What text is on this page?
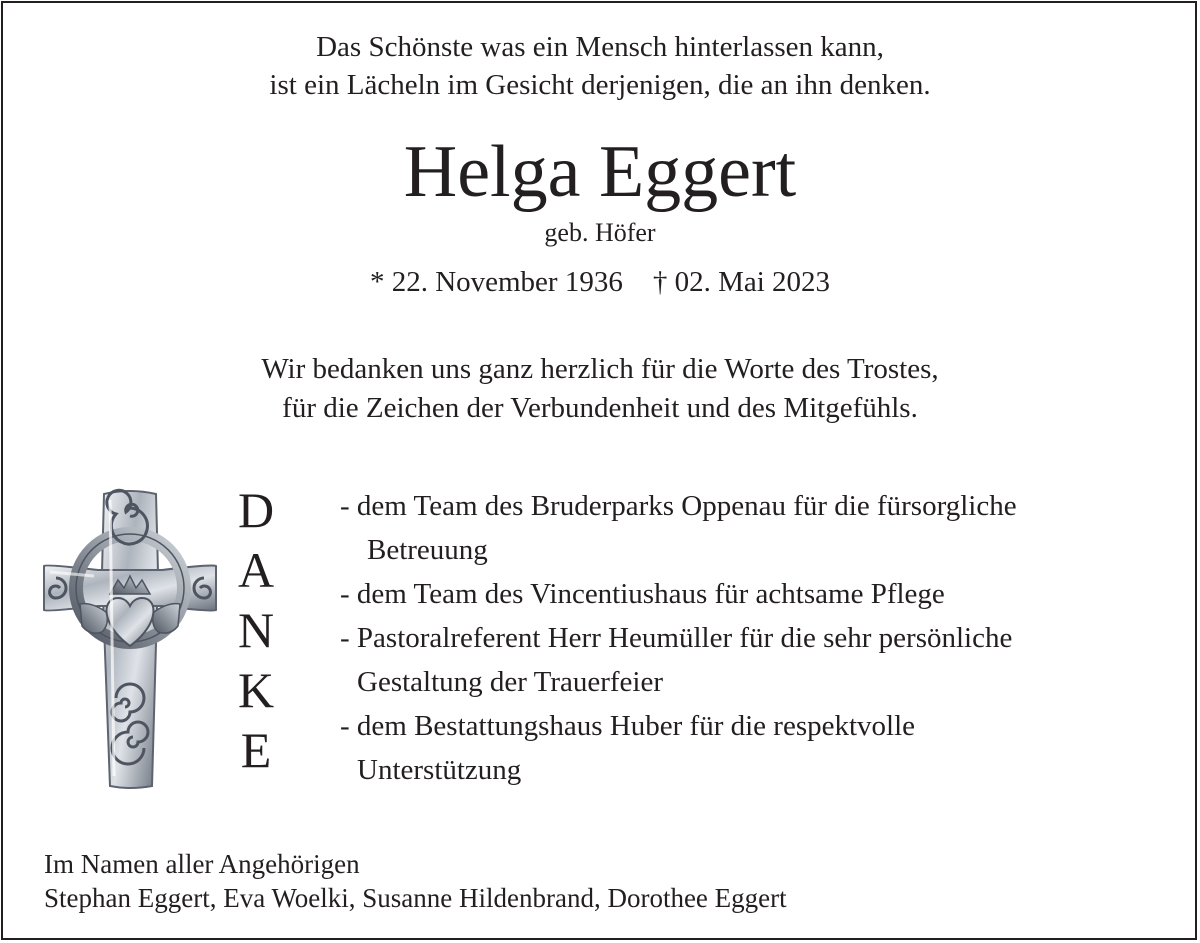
Das Schönste was ein Mensch hinterlassen kann,
ist ein Lächeln im Gesicht derjenigen, die an ihn denken.
Helga Eggert
geb. Höfer
* 22. November 1936 † 02. Mai 2023
Wir bedanken uns ganz herzlich für die Worte des Trostes,
für die Zeichen der Verbundenheit und des Mitgefühls.
D
A
N
K
E
- dem Team des Bruderparks Oppenau für die fürsorgliche
Betreuung
- dem Team des Vincentiushaus für achtsame Pflege
- Pastoralreferent Herr Heumüller für die sehr persönliche
Gestaltung der Trauerfeier
- dem Bestattungshaus Huber für die respektvolle
Unterstützung
Im Namen aller Angehörigen
Stephan Eggert, Eva Woelki, Susanne Hildenbrand, Dorothee Eggert
